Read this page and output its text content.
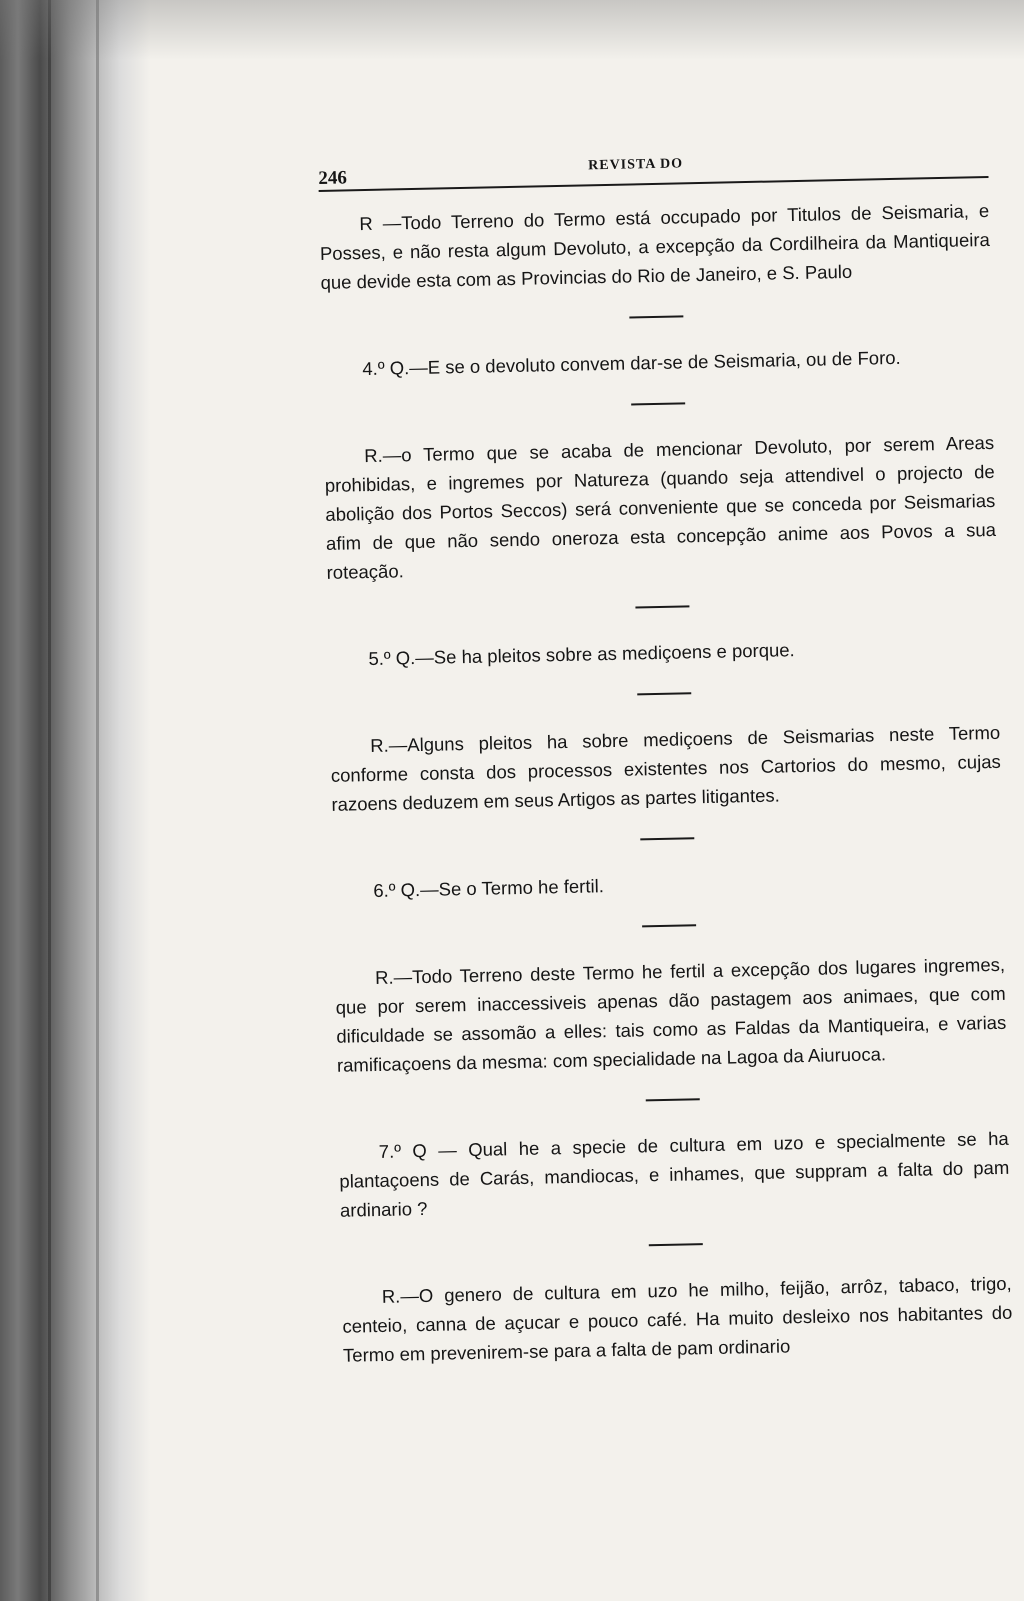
246
REVISTA DO

R —Todo Terreno do Termo está occupado por Titulos de Seismaria, e Posses, e não resta algum Devoluto, a excepção da Cordilheira da Mantiqueira que devide esta com as Provincias do Rio de Janeiro, e S. Paulo

4.º Q.—E se o devoluto convem dar-se de Seismaria, ou de Foro.

R.—o Termo que se acaba de mencionar Devoluto, por serem Areas prohibidas, e ingremes por Natureza (quando seja attendivel o projecto de abolição dos Portos Seccos) será conveniente que se conceda por Seismarias afim de que não sendo oneroza esta concepção anime aos Povos a sua roteação.

5.º Q.—Se ha pleitos sobre as mediçoens e porque.

R.—Alguns pleitos ha sobre mediçoens de Seismarias neste Termo conforme consta dos processos existentes nos Cartorios do mesmo, cujas razoens deduzem em seus Artigos as partes litigantes.

6.º Q.—Se o Termo he fertil.

R.—Todo Terreno deste Termo he fertil a excepção dos lugares ingremes, que por serem inaccessiveis apenas dão pastagem aos animaes, que com dificuldade se assomão a elles: tais como as Faldas da Mantiqueira, e varias ramificaçoens da mesma: com specialidade na Lagoa da Aiuruoca.

7.º Q — Qual he a specie de cultura em uzo e specialmente se ha plantaçoens de Carás, mandiocas, e inhames, que suppram a falta do pam ardinario ?

R.—O genero de cultura em uzo he milho, feijão, arrôz, tabaco, trigo, centeio, canna de açucar e pouco café. Ha muito desleixo nos habitantes do Termo em prevenirem-se para a falta de pam ordinario
